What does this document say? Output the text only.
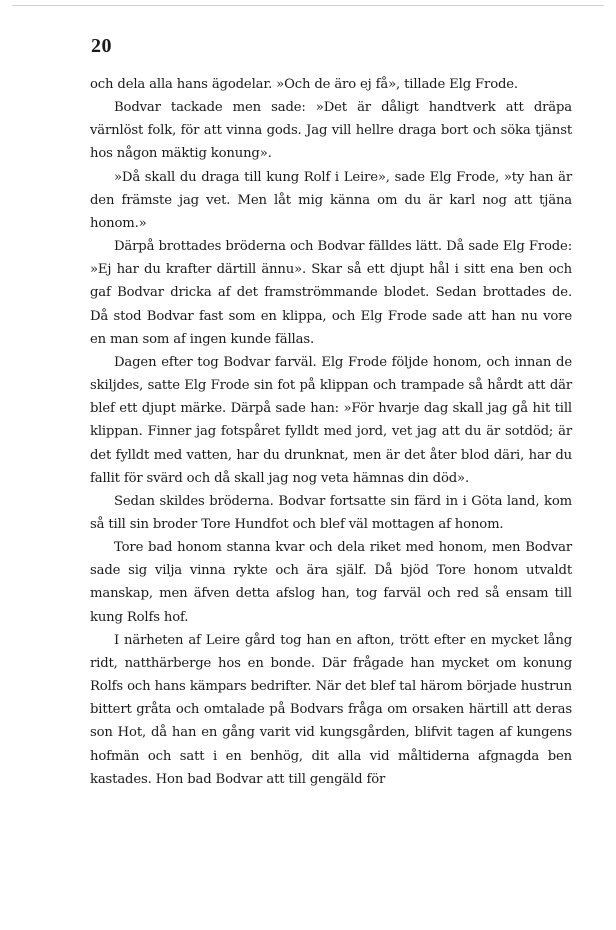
20

och dela alla hans ägodelar. »Och de äro ej få», tillade Elg Frode.

Bodvar tackade men sade: »Det är dåligt handtverk att dräpa värnlöst folk, för att vinna gods. Jag vill hellre draga bort och söka tjänst hos någon mäktig konung».

»Då skall du draga till kung Rolf i Leire», sade Elg Frode, »ty han är den främste jag vet. Men låt mig känna om du är karl nog att tjäna honom.»

Därpå brottades bröderna och Bodvar fälldes lätt. Då sade Elg Frode: »Ej har du krafter därtill ännu». Skar så ett djupt hål i sitt ena ben och gaf Bodvar dricka af det framströmmande blodet. Sedan brottades de. Då stod Bodvar fast som en klippa, och Elg Frode sade att han nu vore en man som af ingen kunde fällas.

Dagen efter tog Bodvar farväl. Elg Frode följde honom, och innan de skiljdes, satte Elg Frode sin fot på klippan och trampade så hårdt att där blef ett djupt märke. Därpå sade han: »För hvarje dag skall jag gå hit till klippan. Finner jag fotspåret fylldt med jord, vet jag att du är sotdöd; är det fylldt med vatten, har du drunknat, men är det åter blod däri, har du fallit för svärd och då skall jag nog veta hämnas din död».

Sedan skildes bröderna. Bodvar fortsatte sin färd in i Göta land, kom så till sin broder Tore Hundfot och blef väl mottagen af honom.

Tore bad honom stanna kvar och dela riket med honom, men Bodvar sade sig vilja vinna rykte och ära själf. Då bjöd Tore honom utvaldt manskap, men äfven detta afslog han, tog farväl och red så ensam till kung Rolfs hof.

I närheten af Leire gård tog han en afton, trött efter en mycket lång ridt, natthärberge hos en bonde. Där frågade han mycket om konung Rolfs och hans kämpars bedrifter. När det blef tal härom började hustrun bittert gråta och omtalade på Bodvars fråga om orsaken härtill att deras son Hot, då han en gång varit vid kungsgården, blifvit tagen af kungens hofmän och satt i en benhög, dit alla vid måltiderna afgnagda ben kastades. Hon bad Bodvar att till gengäld för
